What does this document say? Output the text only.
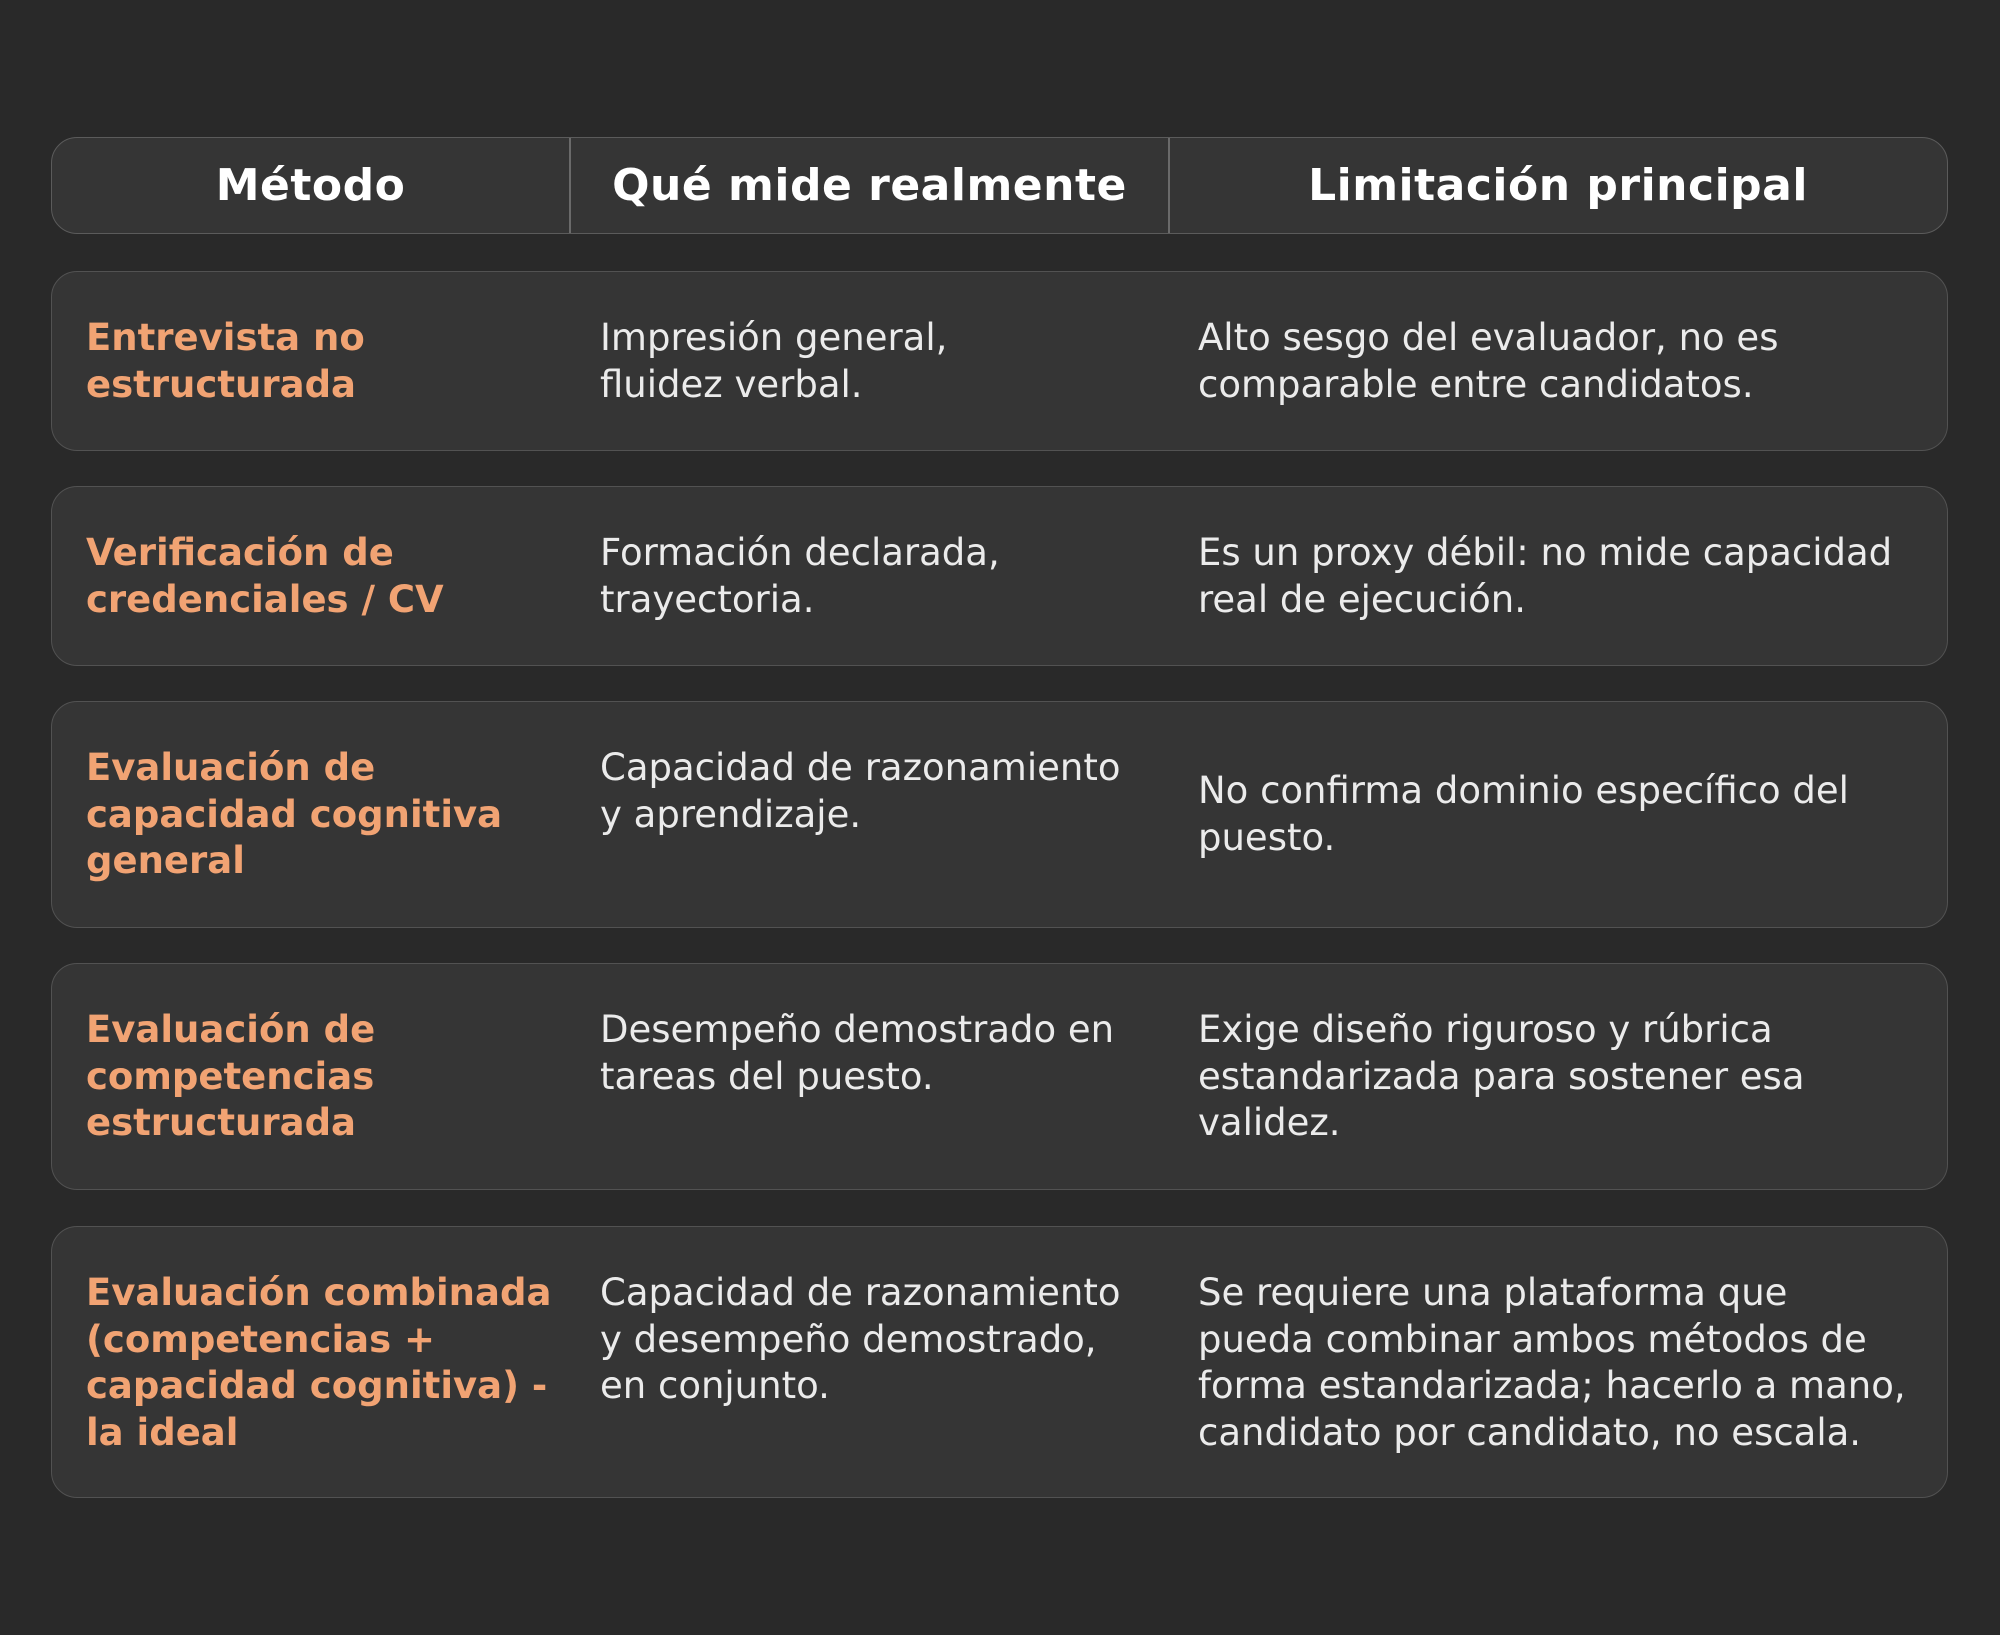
Método	Qué mide realmente	Limitación principal
Entrevista no
estructurada
Impresión general,
fluidez verbal.
Alto sesgo del evaluador, no es
comparable entre candidatos.
Verificación de
credenciales / CV
Formación declarada,
trayectoria.
Es un proxy débil: no mide capacidad
real de ejecución.
Evaluación de
capacidad cognitiva
general
Capacidad de razonamiento
y aprendizaje.
No confirma dominio específico del
puesto.
Evaluación de
competencias
estructurada
Desempeño demostrado en
tareas del puesto.
Exige diseño riguroso y rúbrica
estandarizada para sostener esa
validez.
Evaluación combinada
(competencias +
capacidad cognitiva) -
la ideal
Capacidad de razonamiento
y desempeño demostrado,
en conjunto.
Se requiere una plataforma que
pueda combinar ambos métodos de
forma estandarizada; hacerlo a mano,
candidato por candidato, no escala.
